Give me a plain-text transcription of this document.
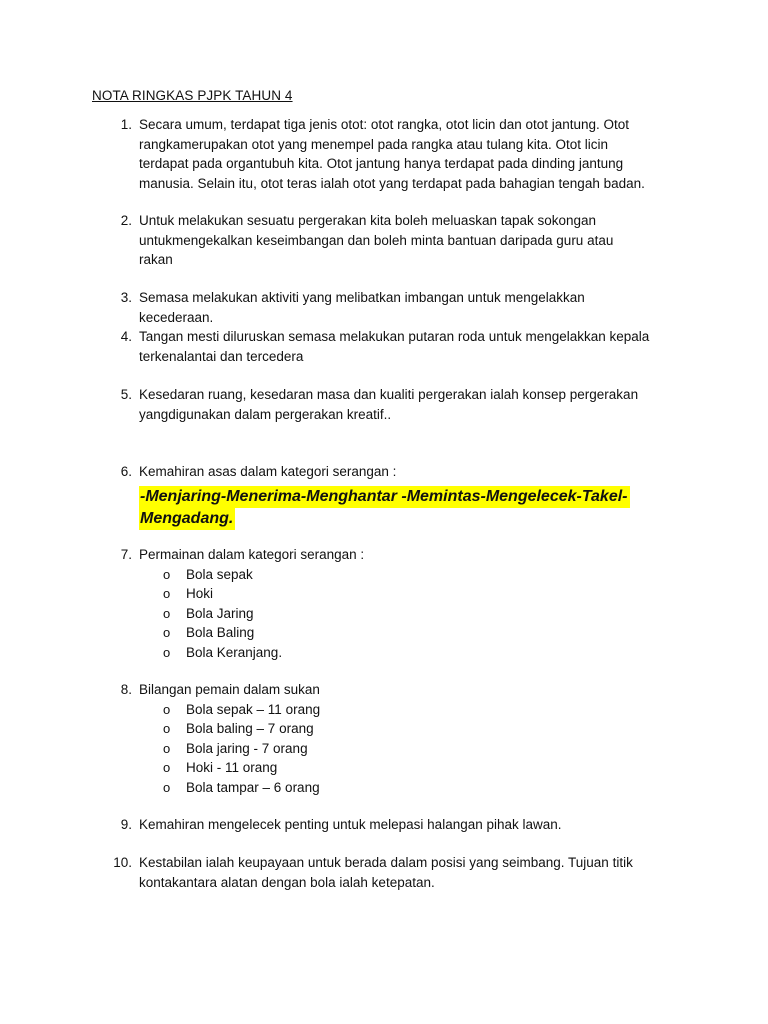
NOTA RINGKAS PJPK TAHUN 4
1. Secara umum, terdapat tiga jenis otot: otot rangka, otot licin dan otot jantung. Otot
rangkamerupakan otot yang menempel pada rangka atau tulang kita. Otot licin
terdapat pada organtubuh kita. Otot jantung hanya terdapat pada dinding jantung
manusia. Selain itu, otot teras ialah otot yang terdapat pada bahagian tengah badan.
2. Untuk melakukan sesuatu pergerakan kita boleh meluaskan tapak sokongan
untukmengekalkan keseimbangan dan boleh minta bantuan daripada guru atau
rakan
3. Semasa melakukan aktiviti yang melibatkan imbangan untuk mengelakkan
kecederaan.
4. Tangan mesti diluruskan semasa melakukan putaran roda untuk mengelakkan kepala
terkenalantai dan tercedera
5. Kesedaran ruang, kesedaran masa dan kualiti pergerakan ialah konsep pergerakan
yangdigunakan dalam pergerakan kreatif..
6. Kemahiran asas dalam kategori serangan :
-Menjaring-Menerima-Menghantar -Memintas-Mengelecek-Takel-
Mengadang.
7. Permainan dalam kategori serangan :
o Bola sepak
o Hoki
o Bola Jaring
o Bola Baling
o Bola Keranjang.
8. Bilangan pemain dalam sukan
o Bola sepak – 11 orang
o Bola baling – 7 orang
o Bola jaring - 7 orang
o Hoki - 11 orang
o Bola tampar – 6 orang
9. Kemahiran mengelecek penting untuk melepasi halangan pihak lawan.
10. Kestabilan ialah keupayaan untuk berada dalam posisi yang seimbang. Tujuan titik
kontakantara alatan dengan bola ialah ketepatan.
